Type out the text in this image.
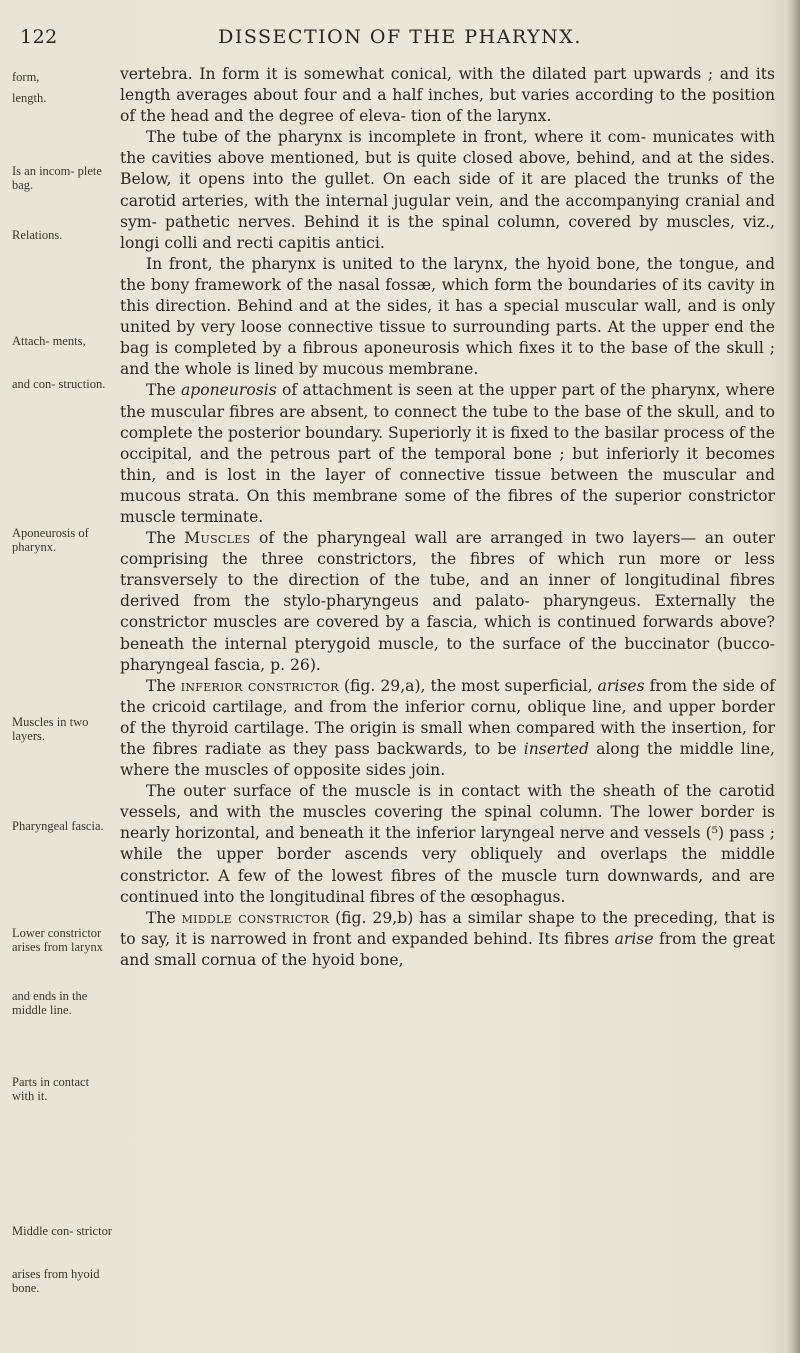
122	DISSECTION OF THE PHARYNX.
form,
length.
Is an incom- plete bag.
Relations.
Attach- ments,
and con- struction.
Aponeurosis of pharynx.
Muscles in two layers.
Pharyngeal fascia.
Lower constrictor arises from larynx
and ends in the middle line.
Parts in contact with it.
Middle con- strictor
arises from hyoid bone.

vertebra. In form it is somewhat conical, with the dilated part upwards ; and its length averages about four and a half inches, but varies according to the position of the head and the degree of eleva- tion of the larynx.

The tube of the pharynx is incomplete in front, where it com- municates with the cavities above mentioned, but is quite closed above, behind, and at the sides. Below, it opens into the gullet. On each side of it are placed the trunks of the carotid arteries, with the internal jugular vein, and the accompanying cranial and sym- pathetic nerves. Behind it is the spinal column, covered by muscles, viz., longi colli and recti capitis antici.

In front, the pharynx is united to the larynx, the hyoid bone, the tongue, and the bony framework of the nasal fossæ, which form the boundaries of its cavity in this direction. Behind and at the sides, it has a special muscular wall, and is only united by very loose connective tissue to surrounding parts. At the upper end the bag is completed by a fibrous aponeurosis which fixes it to the base of the skull ; and the whole is lined by mucous membrane.

The aponeurosis of attachment is seen at the upper part of the pharynx, where the muscular fibres are absent, to connect the tube to the base of the skull, and to complete the posterior boundary. Superiorly it is fixed to the basilar process of the occipital, and the petrous part of the temporal bone ; but inferiorly it becomes thin, and is lost in the layer of connective tissue between the muscular and mucous strata. On this membrane some of the fibres of the superior constrictor muscle terminate.

The Muscles of the pharyngeal wall are arranged in two layers— an outer comprising the three constrictors, the fibres of which run more or less transversely to the direction of the tube, and an inner of longitudinal fibres derived from the stylo-pharyngeus and palato- pharyngeus. Externally the constrictor muscles are covered by a fascia, which is continued forwards above? beneath the internal pterygoid muscle, to the surface of the buccinator (bucco-pharyngeal fascia, p. 26).

The inferior constrictor (fig. 29,a), the most superficial, arises from the side of the cricoid cartilage, and from the inferior cornu, oblique line, and upper border of the thyroid cartilage. The origin is small when compared with the insertion, for the fibres radiate as they pass backwards, to be inserted along the middle line, where the muscles of opposite sides join.

The outer surface of the muscle is in contact with the sheath of the carotid vessels, and with the muscles covering the spinal column. The lower border is nearly horizontal, and beneath it the inferior laryngeal nerve and vessels (⁵) pass ; while the upper border ascends very obliquely and overlaps the middle constrictor. A few of the lowest fibres of the muscle turn downwards, and are continued into the longitudinal fibres of the œsophagus.

The middle constrictor (fig. 29,b) has a similar shape to the preceding, that is to say, it is narrowed in front and expanded behind. Its fibres arise from the great and small cornua of the hyoid bone,
